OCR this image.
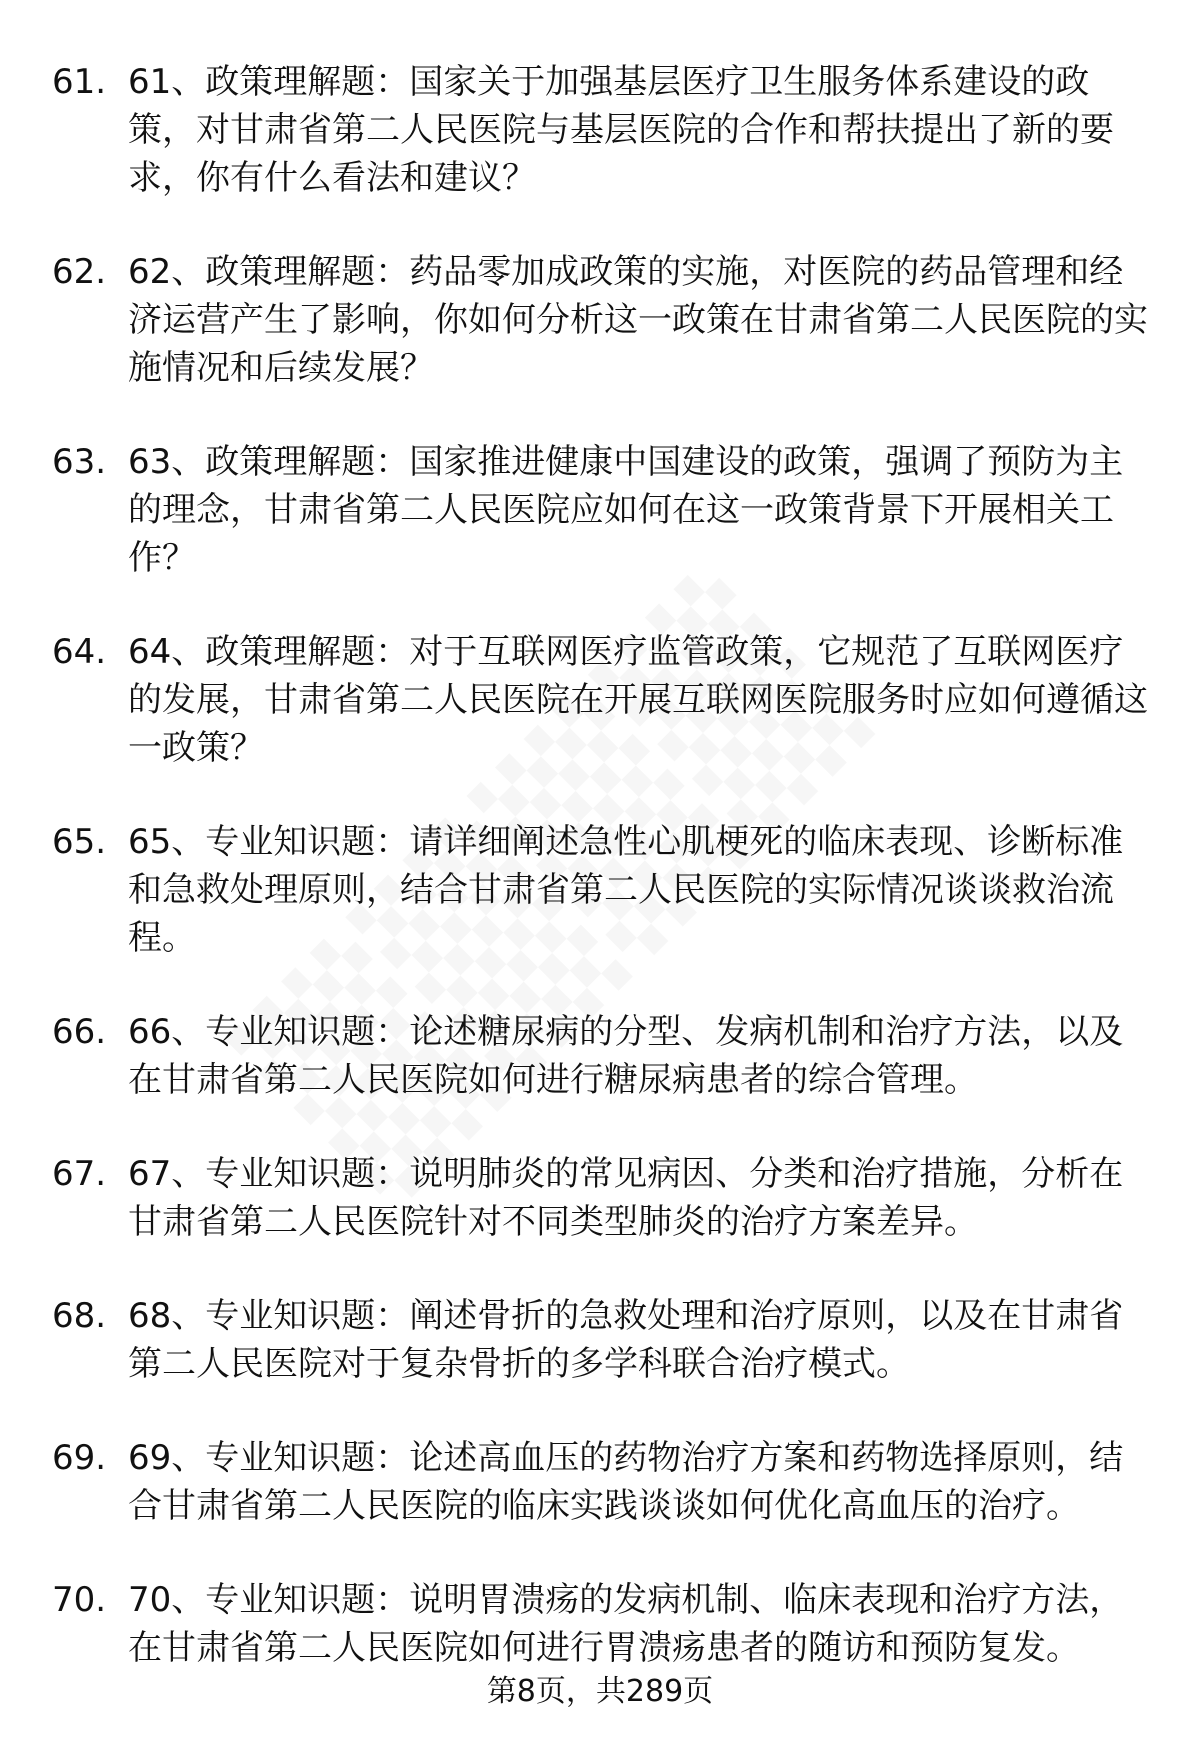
61. 61、政策理解题：国家关于加强基层医疗卫生服务体系建设的政策，对甘肃省第二人民医院与基层医院的合作和帮扶提出了新的要求，你有什么看法和建议？
62. 62、政策理解题：药品零加成政策的实施，对医院的药品管理和经济运营产生了影响，你如何分析这一政策在甘肃省第二人民医院的实施情况和后续发展？
63. 63、政策理解题：国家推进健康中国建设的政策，强调了预防为主的理念，甘肃省第二人民医院应如何在这一政策背景下开展相关工作？
64. 64、政策理解题：对于互联网医疗监管政策，它规范了互联网医疗的发展，甘肃省第二人民医院在开展互联网医院服务时应如何遵循这一政策？
65. 65、专业知识题：请详细阐述急性心肌梗死的临床表现、诊断标准和急救处理原则，结合甘肃省第二人民医院的实际情况谈谈救治流程。
66. 66、专业知识题：论述糖尿病的分型、发病机制和治疗方法，以及在甘肃省第二人民医院如何进行糖尿病患者的综合管理。
67. 67、专业知识题：说明肺炎的常见病因、分类和治疗措施，分析在甘肃省第二人民医院针对不同类型肺炎的治疗方案差异。
68. 68、专业知识题：阐述骨折的急救处理和治疗原则，以及在甘肃省第二人民医院对于复杂骨折的多学科联合治疗模式。
69. 69、专业知识题：论述高血压的药物治疗方案和药物选择原则，结合甘肃省第二人民医院的临床实践谈谈如何优化高血压的治疗。
70. 70、专业知识题：说明胃溃疡的发病机制、临床表现和治疗方法，在甘肃省第二人民医院如何进行胃溃疡患者的随访和预防复发。
第8页，共289页
